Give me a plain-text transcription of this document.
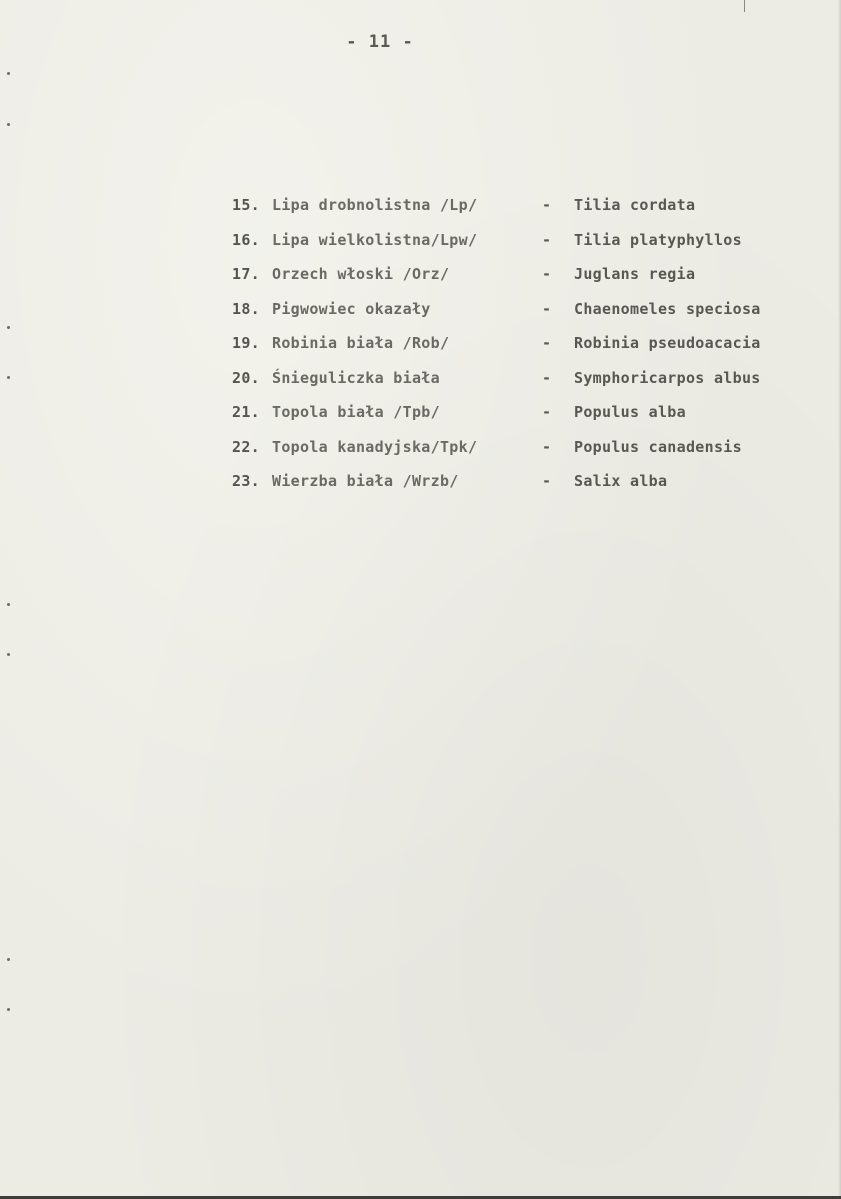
- 11 -
15. Lipa drobnolistna /Lp/	- Tilia cordata
16. Lipa wielkolistna/Lpw/	- Tilia platyphyllos
17. Orzech włoski /Orz/	- Juglans regia
18. Pigwowiec okazały	- Chaenomeles speciosa
19. Robinia biała /Rob/	- Robinia pseudoacacia
20. Śnieguliczka biała	- Symphoricarpos albus
21. Topola biała /Tpb/	- Populus alba
22. Topola kanadyjska/Tpk/	- Populus canadensis
23. Wierzba biała /Wrzb/	- Salix alba
